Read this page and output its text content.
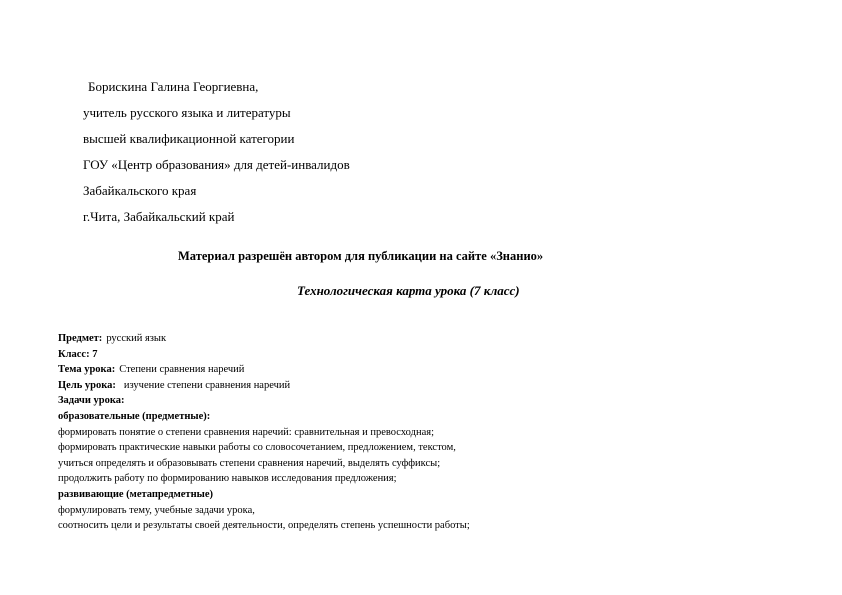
Борискина Галина Георгиевна,
учитель русского языка и литературы
высшей квалификационной категории
ГОУ «Центр образования» для детей-инвалидов
Забайкальского края
г.Чита, Забайкальский край
Материал разрешён автором для публикации на сайте «Знанио»
Технологическая карта урока (7 класс)
Предмет: русский язык
Класс: 7
Тема урока: Степени сравнения наречий
Цель урока: изучение степени сравнения наречий
Задачи урока:
образовательные (предметные):
формировать понятие о степени сравнения наречий: сравнительная и превосходная;
формировать практические навыки работы со словосочетанием, предложением, текстом,
учиться определять и образовывать степени сравнения наречий, выделять суффиксы;
продолжить работу по формированию навыков исследования предложения;
развивающие (метапредметные)
формулировать тему, учебные задачи урока,
соотносить цели и результаты своей деятельности, определять степень успешности работы;
